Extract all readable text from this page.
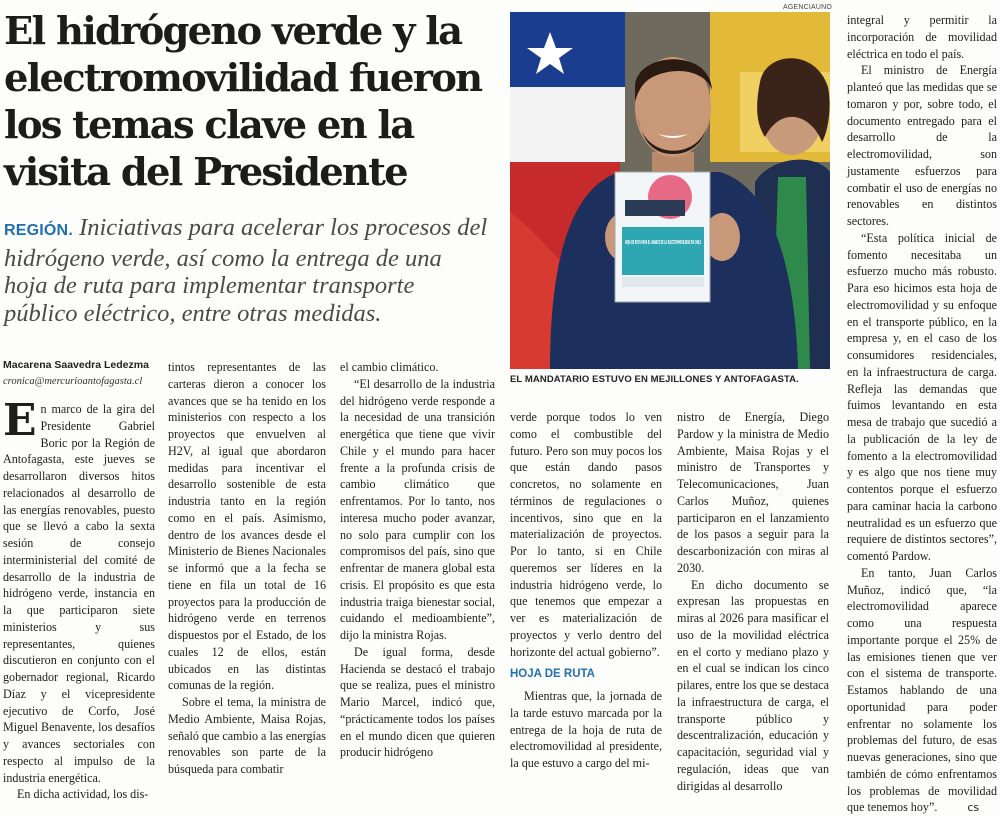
El hidrógeno verde y la
electromovilidad fueron
los temas clave en la
visita del Presidente
REGIÓN. Iniciativas para acelerar los procesos del
hidrógeno verde, así como la entrega de una
hoja de ruta para implementar transporte
público eléctrico, entre otras medidas.
Macarena Saavedra Ledezma
cronica@mercurioantofagasta.cl

En marco de la gira del Presidente Gabriel Boric por la Región de Antofagasta, este jueves se desarrollaron diversos hitos relacionados al desarrollo de las energías renovables, puesto que se llevó a cabo la sexta sesión de consejo interministerial del comité de desarrollo de la industria de hidrógeno verde, instancia en la que participaron siete ministerios y sus representantes, quienes discutieron en conjunto con el gobernador regional, Ricardo Díaz y el vicepresidente ejecutivo de Corfo, José Miguel Benavente, los desafíos y avances sectoriales con respecto al impulso de la industria energética.

En dicha actividad, los dis-

tintos representantes de las carteras dieron a conocer los avances que se ha tenido en los ministerios con respecto a los proyectos que envuelven al H2V, al igual que abordaron medidas para incentivar el desarrollo sostenible de esta industria tanto en la región como en el país. Asimismo, dentro de los avances desde el Ministerio de Bienes Nacionales se informó que a la fecha se tiene en fila un total de 16 proyectos para la producción de hidrógeno verde en terrenos dispuestos por el Estado, de los cuales 12 de ellos, están ubicados en las distintas comunas de la región.

Sobre el tema, la ministra de Medio Ambiente, Maisa Rojas, señaló que cambio a las energías renovables son parte de la búsqueda para combatir

el cambio climático.

“El desarrollo de la industria del hidrógeno verde responde a la necesidad de una transición energética que tiene que vivir Chile y el mundo para hacer frente a la profunda crisis de cambio climático que enfrentamos. Por lo tanto, nos interesa mucho poder avanzar, no solo para cumplir con los compromisos del país, sino que enfrentar de manera global esta crisis. El propósito es que esta industria traiga bienestar social, cuidando el medioambiente”, dijo la ministra Rojas.

De igual forma, desde Hacienda se destacó el trabajo que se realiza, pues el ministro Mario Marcel, indicó que, “prácticamente todos los países en el mundo dicen que quieren producir hidrógeno

AGENCIAUNO
HOJA DE RUTA PARA EL AVANCE DE LA ELECTROMOVILIDAD EN CHILE
EL MANDATARIO ESTUVO EN MEJILLONES Y ANTOFAGASTA.

verde porque todos lo ven como el combustible del futuro. Pero son muy pocos los que están dando pasos concretos, no solamente en términos de regulaciones o incentivos, sino que en la materialización de proyectos. Por lo tanto, si en Chile queremos ser líderes en la industria hidrógeno verde, lo que tenemos que empezar a ver es materialización de proyectos y verlo dentro del horizonte del actual gobierno”.

HOJA DE RUTA

Mientras que, la jornada de la tarde estuvo marcada por la entrega de la hoja de ruta de electromovilidad al presidente, la que estuvo a cargo del mi-

nistro de Energía, Diego Pardow y la ministra de Medio Ambiente, Maisa Rojas y el ministro de Transportes y Telecomunicaciones, Juan Carlos Muñoz, quienes participaron en el lanzamiento de los pasos a seguir para la descarbonización con miras al 2030.

En dicho documento se expresan las propuestas en miras al 2026 para masificar el uso de la movilidad eléctrica en el corto y mediano plazo y en el cual se indican los cinco pilares, entre los que se destaca la infraestructura de carga, el transporte público y descentralización, educación y capacitación, seguridad vial y regulación, ideas que van dirigidas al desarrollo

integral y permitir la incorporación de movilidad eléctrica en todo el país.

El ministro de Energía planteó que las medidas que se tomaron y por, sobre todo, el documento entregado para el desarrollo de la electromovilidad, son justamente esfuerzos para combatir el uso de energías no renovables en distintos sectores.

“Esta política inicial de fomento necesitaba un esfuerzo mucho más robusto. Para eso hicimos esta hoja de electromovilidad y su enfoque en el transporte público, en la empresa y, en el caso de los consumidores residenciales, en la infraestructura de carga. Refleja las demandas que fuimos levantando en esta mesa de trabajo que sucedió a la publicación de la ley de fomento a la electromovilidad y es algo que nos tiene muy contentos porque el esfuerzo para caminar hacia la carbono neutralidad es un esfuerzo que requiere de distintos sectores”, comentó Pardow.

En tanto, Juan Carlos Muñoz, indicó que, “la electromovilidad aparece como una respuesta importante porque el 25% de las emisiones tienen que ver con el sistema de transporte. Estamos hablando de una oportunidad para poder enfrentar no solamente los problemas del futuro, de esas nuevas generaciones, sino que también de cómo enfrentamos los problemas de movilidad que tenemos hoy”.	cs
